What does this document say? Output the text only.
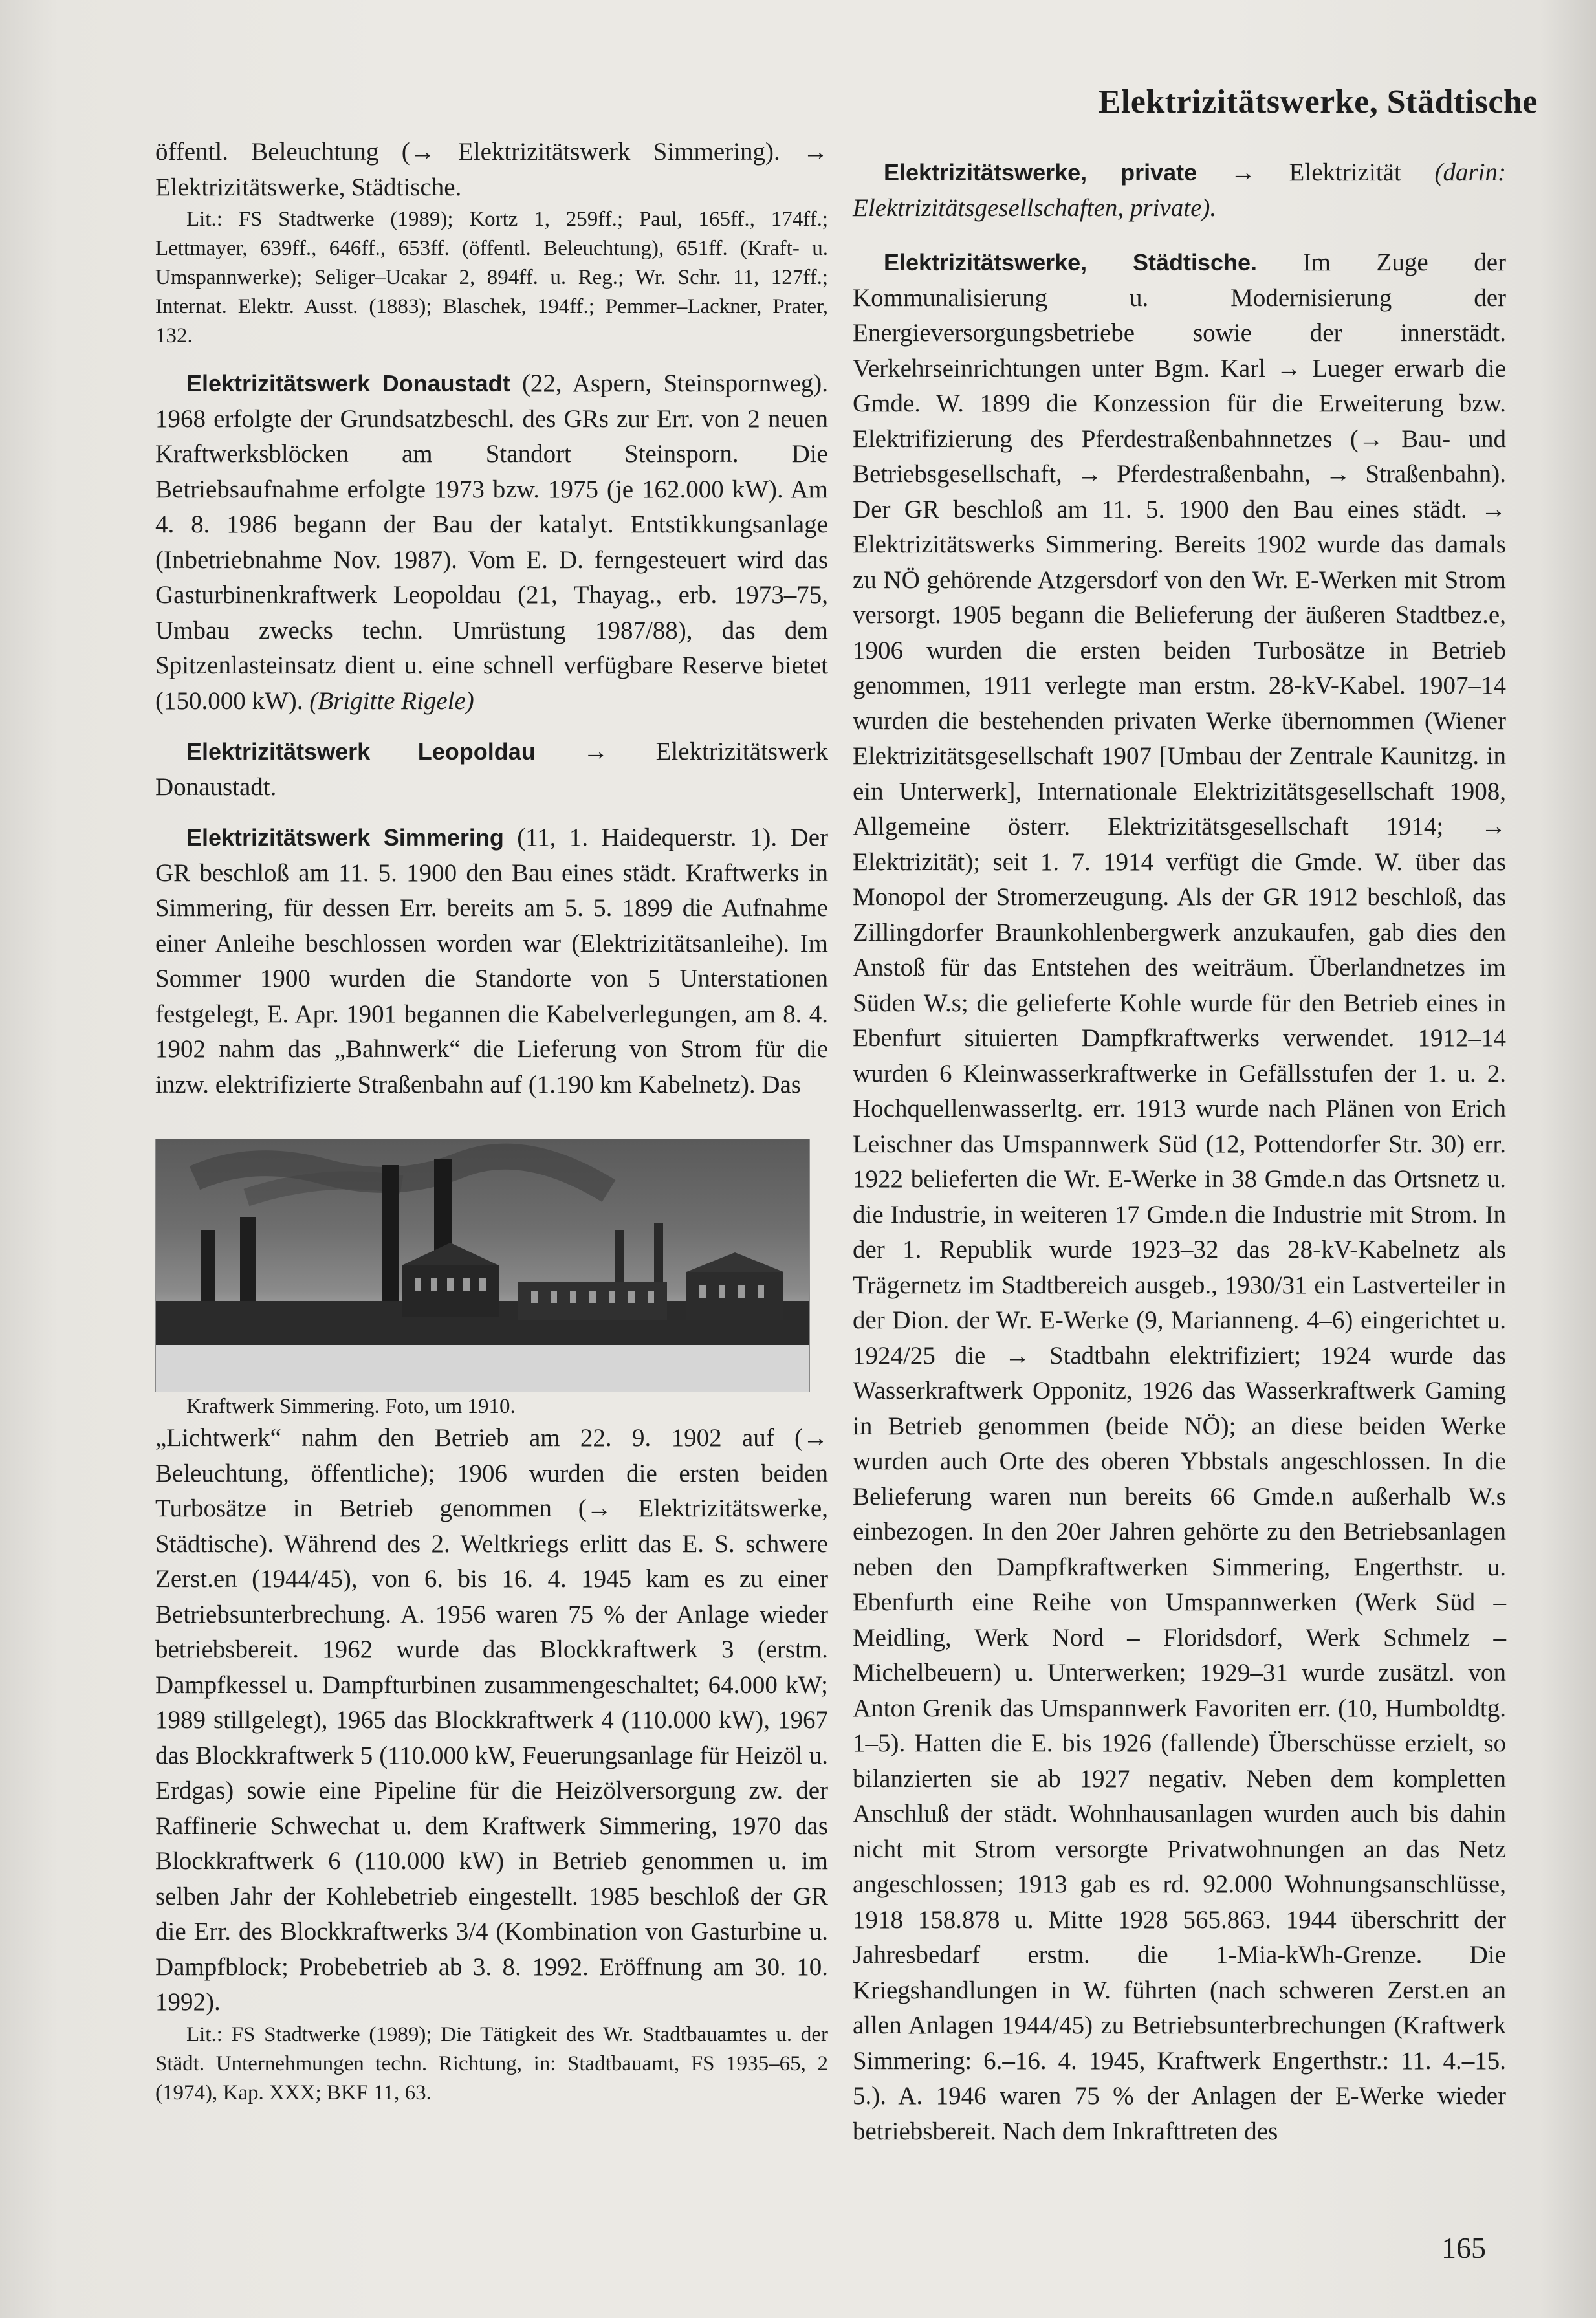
Elektrizitätswerke, Städtische

öffentl. Beleuchtung (→ Elektrizitätswerk Simmering). → Elektrizitätswerke, Städtische.

Lit.: FS Stadtwerke (1989); Kortz 1, 259ff.; Paul, 165ff., 174ff.; Lettmayer, 639ff., 646ff., 653ff. (öffentl. Beleuchtung), 651ff. (Kraft- u. Umspannwerke); Seliger–Ucakar 2, 894ff. u. Reg.; Wr. Schr. 11, 127ff.; Internat. Elektr. Ausst. (1883); Blaschek, 194ff.; Pemmer–Lackner, Prater, 132.

Elektrizitätswerk Donaustadt (22, Aspern, Steinspornweg). 1968 erfolgte der Grundsatzbeschl. des GRs zur Err. von 2 neuen Kraftwerksblöcken am Standort Steinsporn. Die Betriebsaufnahme erfolgte 1973 bzw. 1975 (je 162.000 kW). Am 4. 8. 1986 begann der Bau der katalyt. Entstikkungsanlage (Inbetriebnahme Nov. 1987). Vom E. D. ferngesteuert wird das Gasturbinenkraftwerk Leopoldau (21, Thayag., erb. 1973–75, Umbau zwecks techn. Umrüstung 1987/88), das dem Spitzenlasteinsatz dient u. eine schnell verfügbare Reserve bietet (150.000 kW). (Brigitte Rigele)

Elektrizitätswerk Leopoldau → Elektrizitätswerk Donaustadt.

Elektrizitätswerk Simmering (11, 1. Haidequerstr. 1). Der GR beschloß am 11. 5. 1900 den Bau eines städt. Kraftwerks in Simmering, für dessen Err. bereits am 5. 5. 1899 die Aufnahme einer Anleihe beschlossen worden war (Elektrizitätsanleihe). Im Sommer 1900 wurden die Standorte von 5 Unterstationen festgelegt, E. Apr. 1901 begannen die Kabelverlegungen, am 8. 4. 1902 nahm das „Bahnwerk“ die Lieferung von Strom für die inzw. elektrifizierte Straßenbahn auf (1.190 km Kabelnetz). Das

Kraftwerk Simmering. Foto, um 1910.

„Lichtwerk“ nahm den Betrieb am 22. 9. 1902 auf (→ Beleuchtung, öffentliche); 1906 wurden die ersten beiden Turbosätze in Betrieb genommen (→ Elektrizitätswerke, Städtische). Während des 2. Weltkriegs erlitt das E. S. schwere Zerst.en (1944/45), von 6. bis 16. 4. 1945 kam es zu einer Betriebsunterbrechung. A. 1956 waren 75 % der Anlage wieder betriebsbereit. 1962 wurde das Blockkraftwerk 3 (erstm. Dampfkessel u. Dampfturbinen zusammengeschaltet; 64.000 kW; 1989 stillgelegt), 1965 das Blockkraftwerk 4 (110.000 kW), 1967 das Blockkraftwerk 5 (110.000 kW, Feuerungsanlage für Heizöl u. Erdgas) sowie eine Pipeline für die Heizölversorgung zw. der Raffinerie Schwechat u. dem Kraftwerk Simmering, 1970 das Blockkraftwerk 6 (110.000 kW) in Betrieb genommen u. im selben Jahr der Kohlebetrieb eingestellt. 1985 beschloß der GR die Err. des Blockkraftwerks 3/4 (Kombination von Gasturbine u. Dampfblock; Probebetrieb ab 3. 8. 1992. Eröffnung am 30. 10. 1992).

Lit.: FS Stadtwerke (1989); Die Tätigkeit des Wr. Stadtbauamtes u. der Städt. Unternehmungen techn. Richtung, in: Stadtbauamt, FS 1935–65, 2 (1974), Kap. XXX; BKF 11, 63.

Elektrizitätswerke, private → Elektrizität (darin: Elektrizitätsgesellschaften, private).

Elektrizitätswerke, Städtische. Im Zuge der Kommunalisierung u. Modernisierung der Energieversorgungsbetriebe sowie der innerstädt. Verkehrseinrichtungen unter Bgm. Karl → Lueger erwarb die Gmde. W. 1899 die Konzession für die Erweiterung bzw. Elektrifizierung des Pferdestraßenbahnnetzes (→ Bau- und Betriebsgesellschaft, → Pferdestraßenbahn, → Straßenbahn). Der GR beschloß am 11. 5. 1900 den Bau eines städt. → Elektrizitätswerks Simmering. Bereits 1902 wurde das damals zu NÖ gehörende Atzgersdorf von den Wr. E-Werken mit Strom versorgt. 1905 begann die Belieferung der äußeren Stadtbez.e, 1906 wurden die ersten beiden Turbosätze in Betrieb genommen, 1911 verlegte man erstm. 28-kV-Kabel. 1907–14 wurden die bestehenden privaten Werke übernommen (Wiener Elektrizitätsgesellschaft 1907 [Umbau der Zentrale Kaunitzg. in ein Unterwerk], Internationale Elektrizitätsgesellschaft 1908, Allgemeine österr. Elektrizitätsgesellschaft 1914; → Elektrizität); seit 1. 7. 1914 verfügt die Gmde. W. über das Monopol der Stromerzeugung. Als der GR 1912 beschloß, das Zillingdorfer Braunkohlenbergwerk anzukaufen, gab dies den Anstoß für das Entstehen des weiträum. Überlandnetzes im Süden W.s; die gelieferte Kohle wurde für den Betrieb eines in Ebenfurt situierten Dampfkraftwerks verwendet. 1912–14 wurden 6 Kleinwasserkraftwerke in Gefällsstufen der 1. u. 2. Hochquellenwasserltg. err. 1913 wurde nach Plänen von Erich Leischner das Umspannwerk Süd (12, Pottendorfer Str. 30) err. 1922 belieferten die Wr. E-Werke in 38 Gmde.n das Ortsnetz u. die Industrie, in weiteren 17 Gmde.n die Industrie mit Strom. In der 1. Republik wurde 1923–32 das 28-kV-Kabelnetz als Trägernetz im Stadtbereich ausgeb., 1930/31 ein Lastverteiler in der Dion. der Wr. E-Werke (9, Marianneng. 4–6) eingerichtet u. 1924/25 die → Stadtbahn elektrifiziert; 1924 wurde das Wasserkraftwerk Opponitz, 1926 das Wasserkraftwerk Gaming in Betrieb genommen (beide NÖ); an diese beiden Werke wurden auch Orte des oberen Ybbstals angeschlossen. In die Belieferung waren nun bereits 66 Gmde.n außerhalb W.s einbezogen. In den 20er Jahren gehörte zu den Betriebsanlagen neben den Dampfkraftwerken Simmering, Engerthstr. u. Ebenfurth eine Reihe von Umspannwerken (Werk Süd – Meidling, Werk Nord – Floridsdorf, Werk Schmelz – Michelbeuern) u. Unterwerken; 1929–31 wurde zusätzl. von Anton Grenik das Umspannwerk Favoriten err. (10, Humboldtg. 1–5). Hatten die E. bis 1926 (fallende) Überschüsse erzielt, so bilanzierten sie ab 1927 negativ. Neben dem kompletten Anschluß der städt. Wohnhausanlagen wurden auch bis dahin nicht mit Strom versorgte Privatwohnungen an das Netz angeschlossen; 1913 gab es rd. 92.000 Wohnungsanschlüsse, 1918 158.878 u. Mitte 1928 565.863. 1944 überschritt der Jahresbedarf erstm. die 1-Mia-kWh-Grenze. Die Kriegshandlungen in W. führten (nach schweren Zerst.en an allen Anlagen 1944/45) zu Betriebsunterbrechungen (Kraftwerk Simmering: 6.–16. 4. 1945, Kraftwerk Engerthstr.: 11. 4.–15. 5.). A. 1946 waren 75 % der Anlagen der E-Werke wieder betriebsbereit. Nach dem Inkrafttreten des

165
